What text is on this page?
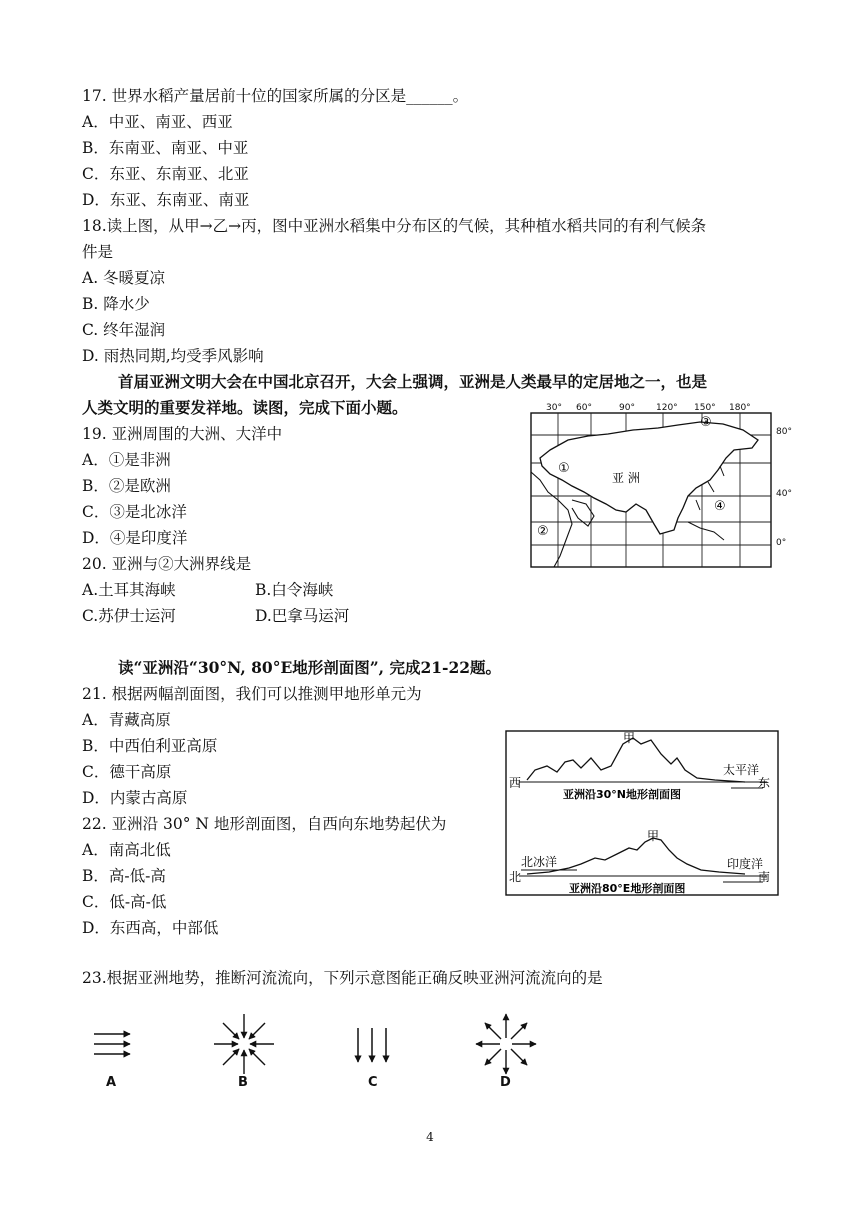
17. 世界水稻产量居前十位的国家所属的分区是______。
A．中亚、南亚、西亚
B．东南亚、南亚、中亚
C．东亚、东南亚、北亚
D．东亚、东南亚、南亚
18.读上图，从甲→乙→丙，图中亚洲水稻集中分布区的气候，其种植水稻共同的有利气候条
件是
A. 冬暖夏凉
B. 降水少
C. 终年湿润
D. 雨热同期,均受季风影响
首届亚洲文明大会在中国北京召开，大会上强调，亚洲是人类最早的定居地之一，也是
人类文明的重要发祥地。读图，完成下面小题。
19. 亚洲周围的大洲、大洋中
A．①是非洲
B．②是欧洲
C．③是北冰洋
D．④是印度洋
20. 亚洲与②大洲界线是
A.土耳其海峡	B.白令海峡
C.苏伊士运河	D.巴拿马运河
读“亚洲沿“30°N, 80°E地形剖面图”, 完成21-22题。
21. 根据两幅剖面图，我们可以推测甲地形单元为
A．青藏高原
B．中西伯利亚高原
C．德干高原
D．内蒙古高原
22. 亚洲沿 30° N 地形剖面图，自西向东地势起伏为
A．南高北低
B．高-低-高
C．低-高-低
D．东西高，中部低
23.根据亚洲地势，推断河流流向，下列示意图能正确反映亚洲河流流向的是
30° 60°	90° 120° 150° 180°
80°
40°
0°
亚 洲
①
②
③
④
甲
西	东
太平洋
亚洲沿30°N地形剖面图
甲
北	南
北冰洋	印度洋
亚洲沿80°E地形剖面图
A	B	C	D
4
